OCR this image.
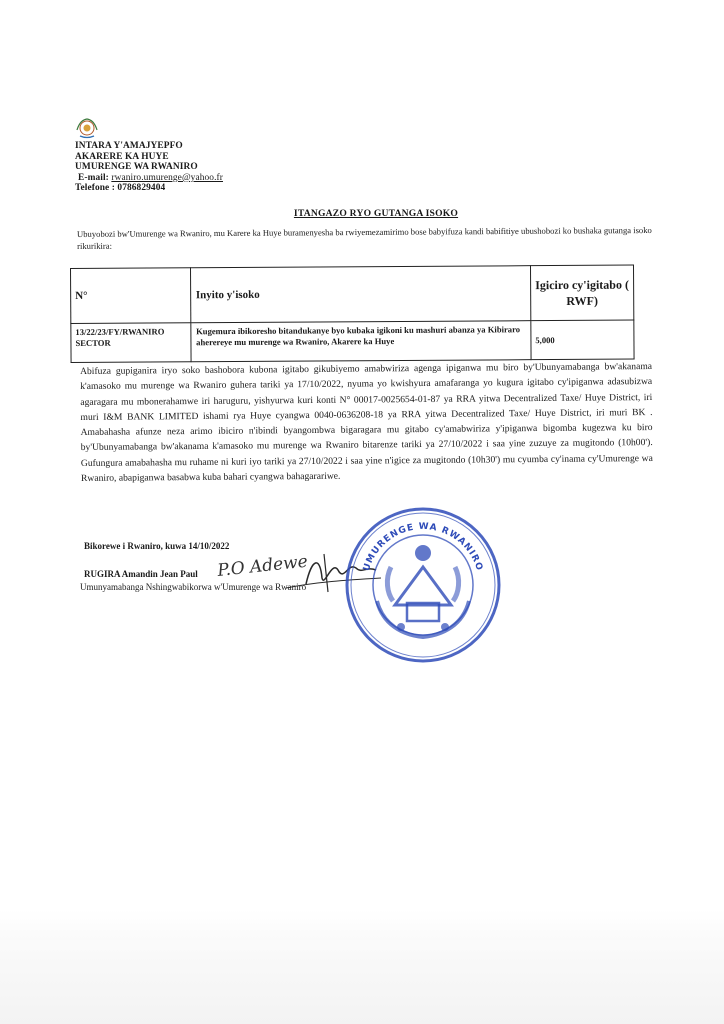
INTARA Y'AMAJYEPFO
AKARERE KA HUYE
UMURENGE WA RWANIRO
E-mail: rwaniro.umurenge@yahoo.fr
Telefone : 0786829404
ITANGAZO RYO GUTANGA ISOKO
Ubuyobozi bw'Umurenge wa Rwaniro, mu Karere ka Huye buramenyesha ba rwiyemezamirimo bose babyifuza kandi babifitiye ubushobozi ko bushaka gutanga isoko rikurikira:
N°	Inyito y'isoko	Igiciro cy'igitabo ( RWF)
13/22/23/FY/RWANIRO SECTOR	Kugemura ibikoresho bitandukanye byo kubaka igikoni ku mashuri abanza ya Kibiraro aherereye mu murenge wa Rwaniro, Akarere ka Huye	5,000
Abifuza gupiganira iryo soko bashobora kubona igitabo gikubiyemo amabwiriza agenga ipiganwa mu biro by'Ubunyamabanga bw'akanama k'amasoko mu murenge wa Rwaniro guhera tariki ya 17/10/2022, nyuma yo kwishyura amafaranga yo kugura igitabo cy'ipiganwa adasubizwa agaragara mu mbonerahamwe iri haruguru, yishyurwa kuri konti N° 00017-0025654-01-87 ya RRA yitwa Decentralized Taxe/ Huye District, iri muri I&M BANK LIMITED ishami rya Huye cyangwa 0040-0636208-18 ya RRA yitwa Decentralized Taxe/ Huye District, iri muri BK . Amabahasha afunze neza arimo ibiciro n'ibindi byangombwa bigaragara mu gitabo cy'amabwiriza y'ipiganwa bigomba kugezwa ku biro by'Ubunyamabanga bw'akanama k'amasoko mu murenge wa Rwaniro bitarenze tariki ya 27/10/2022 i saa yine zuzuye za mugitondo (10h00'). Gufungura amabahasha mu ruhame ni kuri iyo tariki ya 27/10/2022 i saa yine n'igice za mugitondo (10h30') mu cyumba cy'inama cy'Umurenge wa Rwaniro, abapiganwa basabwa kuba bahari cyangwa bahagarariwe.
Bikorewe i Rwaniro, kuwa 14/10/2022
RUGIRA Amandin Jean Paul
Umunyamabanga Nshingwabikorwa w'Umurenge wa Rwaniro
P.O Adewe	UMURENGE WA RWANIRO
